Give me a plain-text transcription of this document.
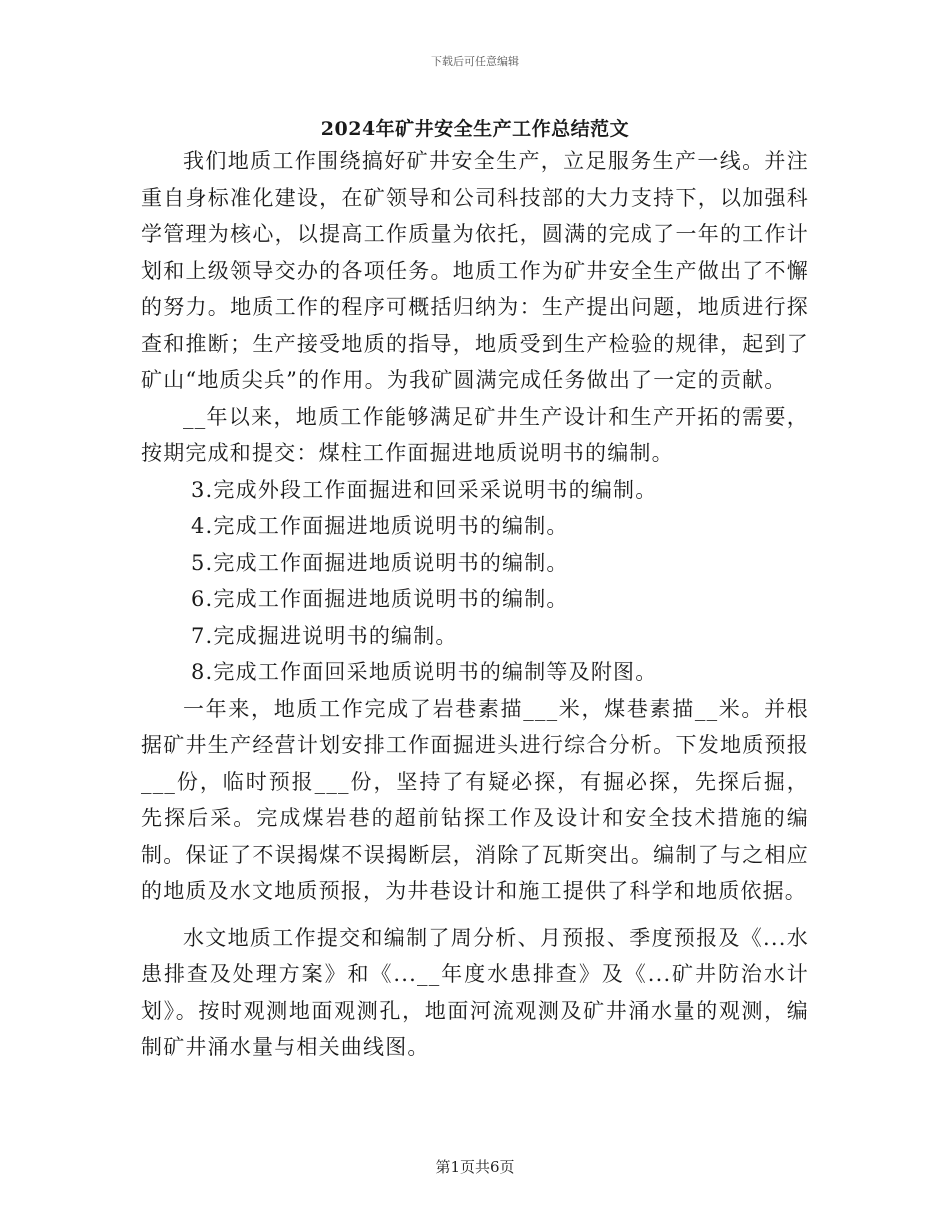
下载后可任意编辑
2024年矿井安全生产工作总结范文

我们地质工作围绕搞好矿井安全生产，立足服务生产一线。并注重自身标准化建设，在矿领导和公司科技部的大力支持下，以加强科学管理为核心，以提高工作质量为依托，圆满的完成了一年的工作计划和上级领导交办的各项任务。地质工作为矿井安全生产做出了不懈的努力。地质工作的程序可概括归纳为：生产提出问题，地质进行探查和推断；生产接受地质的指导，地质受到生产检验的规律，起到了矿山“地质尖兵”的作用。为我矿圆满完成任务做出了一定的贡献。

__年以来，地质工作能够满足矿井生产设计和生产开拓的需要，按期完成和提交：煤柱工作面掘进地质说明书的编制。

3.完成外段工作面掘进和回采采说明书的编制。

4.完成工作面掘进地质说明书的编制。

5.完成工作面掘进地质说明书的编制。

6.完成工作面掘进地质说明书的编制。

7.完成掘进说明书的编制。

8.完成工作面回采地质说明书的编制等及附图。

一年来，地质工作完成了岩巷素描___米，煤巷素描__米。并根据矿井生产经营计划安排工作面掘进头进行综合分析。下发地质预报___份，临时预报___份，坚持了有疑必探，有掘必探，先探后掘，先探后采。完成煤岩巷的超前钻探工作及设计和安全技术措施的编制。保证了不误揭煤不误揭断层，消除了瓦斯突出。编制了与之相应的地质及水文地质预报，为井巷设计和施工提供了科学和地质依据。

水文地质工作提交和编制了周分析、月预报、季度预报及《...水患排查及处理方案》和《...__年度水患排查》及《...矿井防治水计划》。按时观测地面观测孔，地面河流观测及矿井涌水量的观测，编制矿井涌水量与相关曲线图。

第1页共6页
